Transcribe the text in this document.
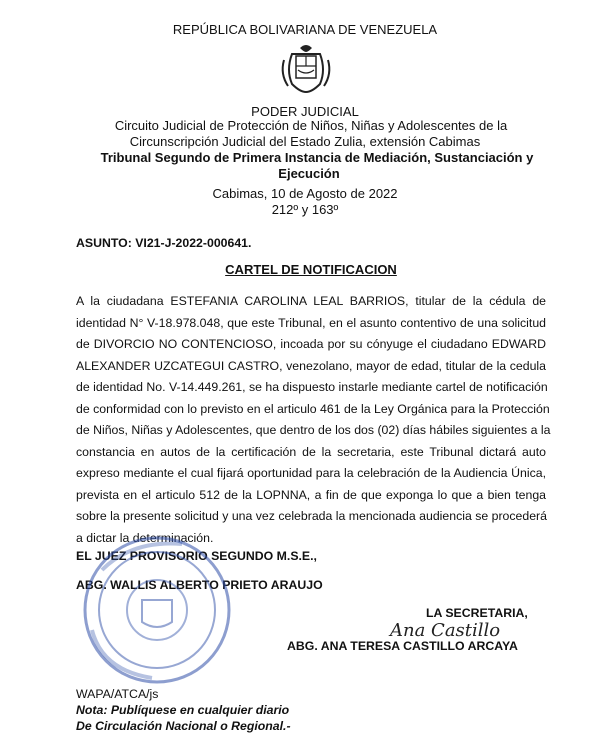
REPÚBLICA BOLIVARIANA DE VENEZUELA
PODER JUDICIAL
Circuito Judicial de Protección de Niños, Niñas y Adolescentes de la
Circunscripción Judicial del Estado Zulia, extensión Cabimas
Tribunal Segundo de Primera Instancia de Mediación, Sustanciación y
Ejecución
Cabimas, 10 de Agosto de 2022
212º y 163º
ASUNTO: VI21-J-2022-000641.
CARTEL DE NOTIFICACION
A la ciudadana ESTEFANIA CAROLINA LEAL BARRIOS, titular de la cédula de
identidad N° V-18.978.048, que este Tribunal, en el asunto contentivo de una solicitud
de DIVORCIO NO CONTENCIOSO, incoada por su cónyuge el ciudadano EDWARD
ALEXANDER UZCATEGUI CASTRO, venezolano, mayor de edad, titular de la cedula
de identidad No. V-14.449.261, se ha dispuesto instarle mediante cartel de notificación
de conformidad con lo previsto en el articulo 461 de la Ley Orgánica para la Protección
de Niños, Niñas y Adolescentes, que dentro de los dos (02) días hábiles siguientes a la
constancia en autos de la certificación de la secretaria, este Tribunal dictará auto
expreso mediante el cual fijará oportunidad para la celebración de la Audiencia Única,
prevista en el articulo 512 de la LOPNNA, a fin de que exponga lo que a bien tenga
sobre la presente solicitud y una vez celebrada la mencionada audiencia se procederá
a dictar la determinación.
EL JUEZ PROVISORIO SEGUNDO M.S.E.,
ABG. WALLIS ALBERTO PRIETO ARAUJO
LA SECRETARIA,
Ana Castillo
ABG. ANA TERESA CASTILLO ARCAYA
WAPA/ATCA/js
Nota: Publíquese en cualquier diario
De Circulación Nacional o Regional.-
